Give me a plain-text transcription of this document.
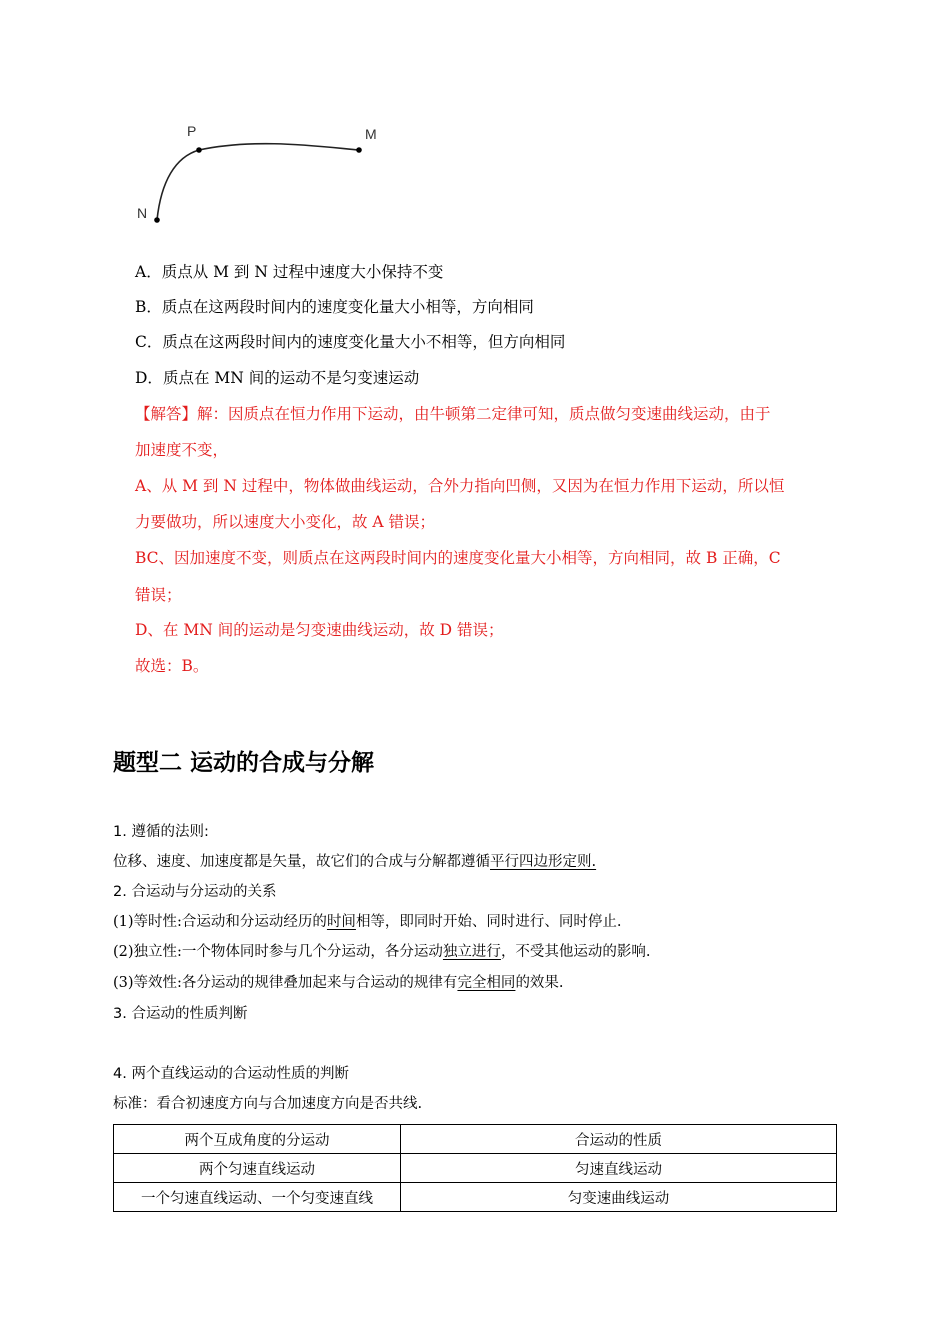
P	M
N
A．质点从 M 到 N 过程中速度大小保持不变
B．质点在这两段时间内的速度变化量大小相等，方向相同
C．质点在这两段时间内的速度变化量大小不相等，但方向相同
D．质点在 MN 间的运动不是匀变速运动
【解答】解：因质点在恒力作用下运动，由牛顿第二定律可知，质点做匀变速曲线运动，由于
加速度不变，
A、从 M 到 N 过程中，物体做曲线运动，合外力指向凹侧，又因为在恒力作用下运动，所以恒
力要做功，所以速度大小变化，故 A 错误；
BC、因加速度不变，则质点在这两段时间内的速度变化量大小相等，方向相同，故 B 正确，C
错误；
D、在 MN 间的运动是匀变速曲线运动，故 D 错误；
故选：B。
题型二 运动的合成与分解
1. 遵循的法则:
位移、速度、加速度都是矢量，故它们的合成与分解都遵循平行四边形定则.
2. 合运动与分运动的关系
(1)等时性:合运动和分运动经历的时间相等，即同时开始、同时进行、同时停止.
(2)独立性:一个物体同时参与几个分运动，各分运动独立进行，不受其他运动的影响.
(3)等效性:各分运动的规律叠加起来与合运动的规律有完全相同的效果.
3. 合运动的性质判断
4. 两个直线运动的合运动性质的判断
标准：看合初速度方向与合加速度方向是否共线.
两个互成角度的分运动	合运动的性质
两个匀速直线运动	匀速直线运动
一个匀速直线运动、一个匀变速直线	匀变速曲线运动
